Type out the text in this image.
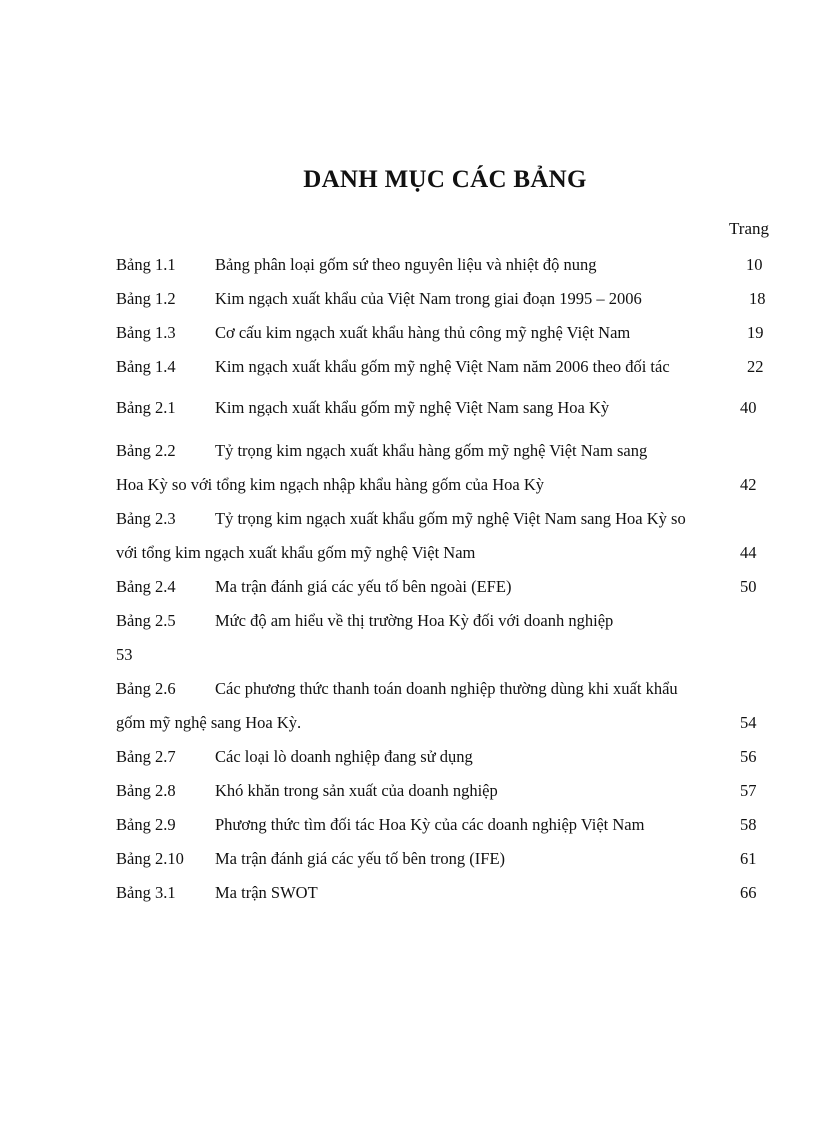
DANH MỤC CÁC BẢNG
Trang
Bảng 1.1 Bảng phân loại gốm sứ theo nguyên liệu và nhiệt độ nung	10
Bảng 1.2 Kim ngạch xuất khẩu của Việt Nam trong giai đoạn 1995 – 2006	18
Bảng 1.3 Cơ cấu kim ngạch xuất khẩu hàng thủ công mỹ nghệ Việt Nam	19
Bảng 1.4 Kim ngạch xuất khẩu gốm mỹ nghệ Việt Nam năm 2006 theo đối tác	22
Bảng 2.1 Kim ngạch xuất khẩu gốm mỹ nghệ Việt Nam sang Hoa Kỳ	40
Bảng 2.2 Tỷ trọng kim ngạch xuất khẩu hàng gốm mỹ nghệ Việt Nam sang
Hoa Kỳ so với tổng kim ngạch nhập khẩu hàng gốm của Hoa Kỳ	42
Bảng 2.3 Tỷ trọng kim ngạch xuất khẩu gốm mỹ nghệ Việt Nam sang Hoa Kỳ so
với tổng kim ngạch xuất khẩu gốm mỹ nghệ Việt Nam	44
Bảng 2.4 Ma trận đánh giá các yếu tố bên ngoài (EFE)	50
Bảng 2.5 Mức độ am hiểu về thị trường Hoa Kỳ đối với doanh nghiệp
53
Bảng 2.6 Các phương thức thanh toán doanh nghiệp thường dùng khi xuất khẩu
gốm mỹ nghệ sang Hoa Kỳ.	54
Bảng 2.7 Các loại lò doanh nghiệp đang sử dụng	56
Bảng 2.8 Khó khăn trong sản xuất của doanh nghiệp	57
Bảng 2.9 Phương thức tìm đối tác Hoa Kỳ của các doanh nghiệp Việt Nam	58
Bảng 2.10 Ma trận đánh giá các yếu tố bên trong (IFE)	61
Bảng 3.1 Ma trận SWOT	66
